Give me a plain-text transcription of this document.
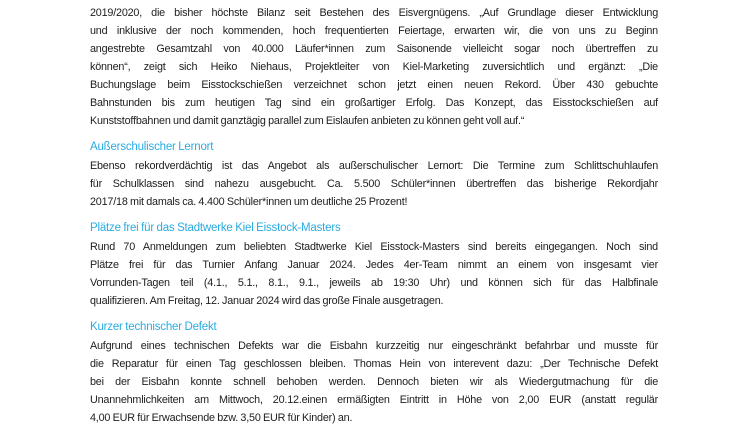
2019/2020, die bisher höchste Bilanz seit Bestehen des Eisvergnügens. „Auf Grundlage dieser Entwicklung
und inklusive der noch kommenden, hoch frequentierten Feiertage, erwarten wir, die von uns zu Beginn
angestrebte Gesamtzahl von 40.000 Läufer*innen zum Saisonende vielleicht sogar noch übertreffen zu
können“, zeigt sich Heiko Niehaus, Projektleiter von Kiel-Marketing zuversichtlich und ergänzt: „Die
Buchungslage beim Eisstockschießen verzeichnet schon jetzt einen neuen Rekord. Über 430 gebuchte
Bahnstunden bis zum heutigen Tag sind ein großartiger Erfolg. Das Konzept, das Eisstockschießen auf
Kunststoffbahnen und damit ganztägig parallel zum Eislaufen anbieten zu können geht voll auf.“
Außerschulischer Lernort
Ebenso rekordverdächtig ist das Angebot als außerschulischer Lernort: Die Termine zum Schlittschuhlaufen
für Schulklassen sind nahezu ausgebucht. Ca. 5.500 Schüler*innen übertreffen das bisherige Rekordjahr
2017/18 mit damals ca. 4.400 Schüler*innen um deutliche 25 Prozent!
Plätze frei für das Stadtwerke Kiel Eisstock-Masters
Rund 70 Anmeldungen zum beliebten Stadtwerke Kiel Eisstock-Masters sind bereits eingegangen. Noch sind
Plätze frei für das Turnier Anfang Januar 2024. Jedes 4er-Team nimmt an einem von insgesamt vier
Vorrunden-Tagen teil (4.1., 5.1., 8.1., 9.1., jeweils ab 19:30 Uhr) und können sich für das Halbfinale
qualifizieren. Am Freitag, 12. Januar 2024 wird das große Finale ausgetragen.
Kurzer technischer Defekt
Aufgrund eines technischen Defekts war die Eisbahn kurzzeitig nur eingeschränkt befahrbar und musste für
die Reparatur für einen Tag geschlossen bleiben. Thomas Hein von interevent dazu: „Der Technische Defekt
bei der Eisbahn konnte schnell behoben werden. Dennoch bieten wir als Wiedergutmachung für die
Unannehmlichkeiten am Mittwoch, 20.12.einen ermäßigten Eintritt in Höhe von 2,00 EUR (anstatt regulär
4,00 EUR für Erwachsende bzw. 3,50 EUR für Kinder) an.
